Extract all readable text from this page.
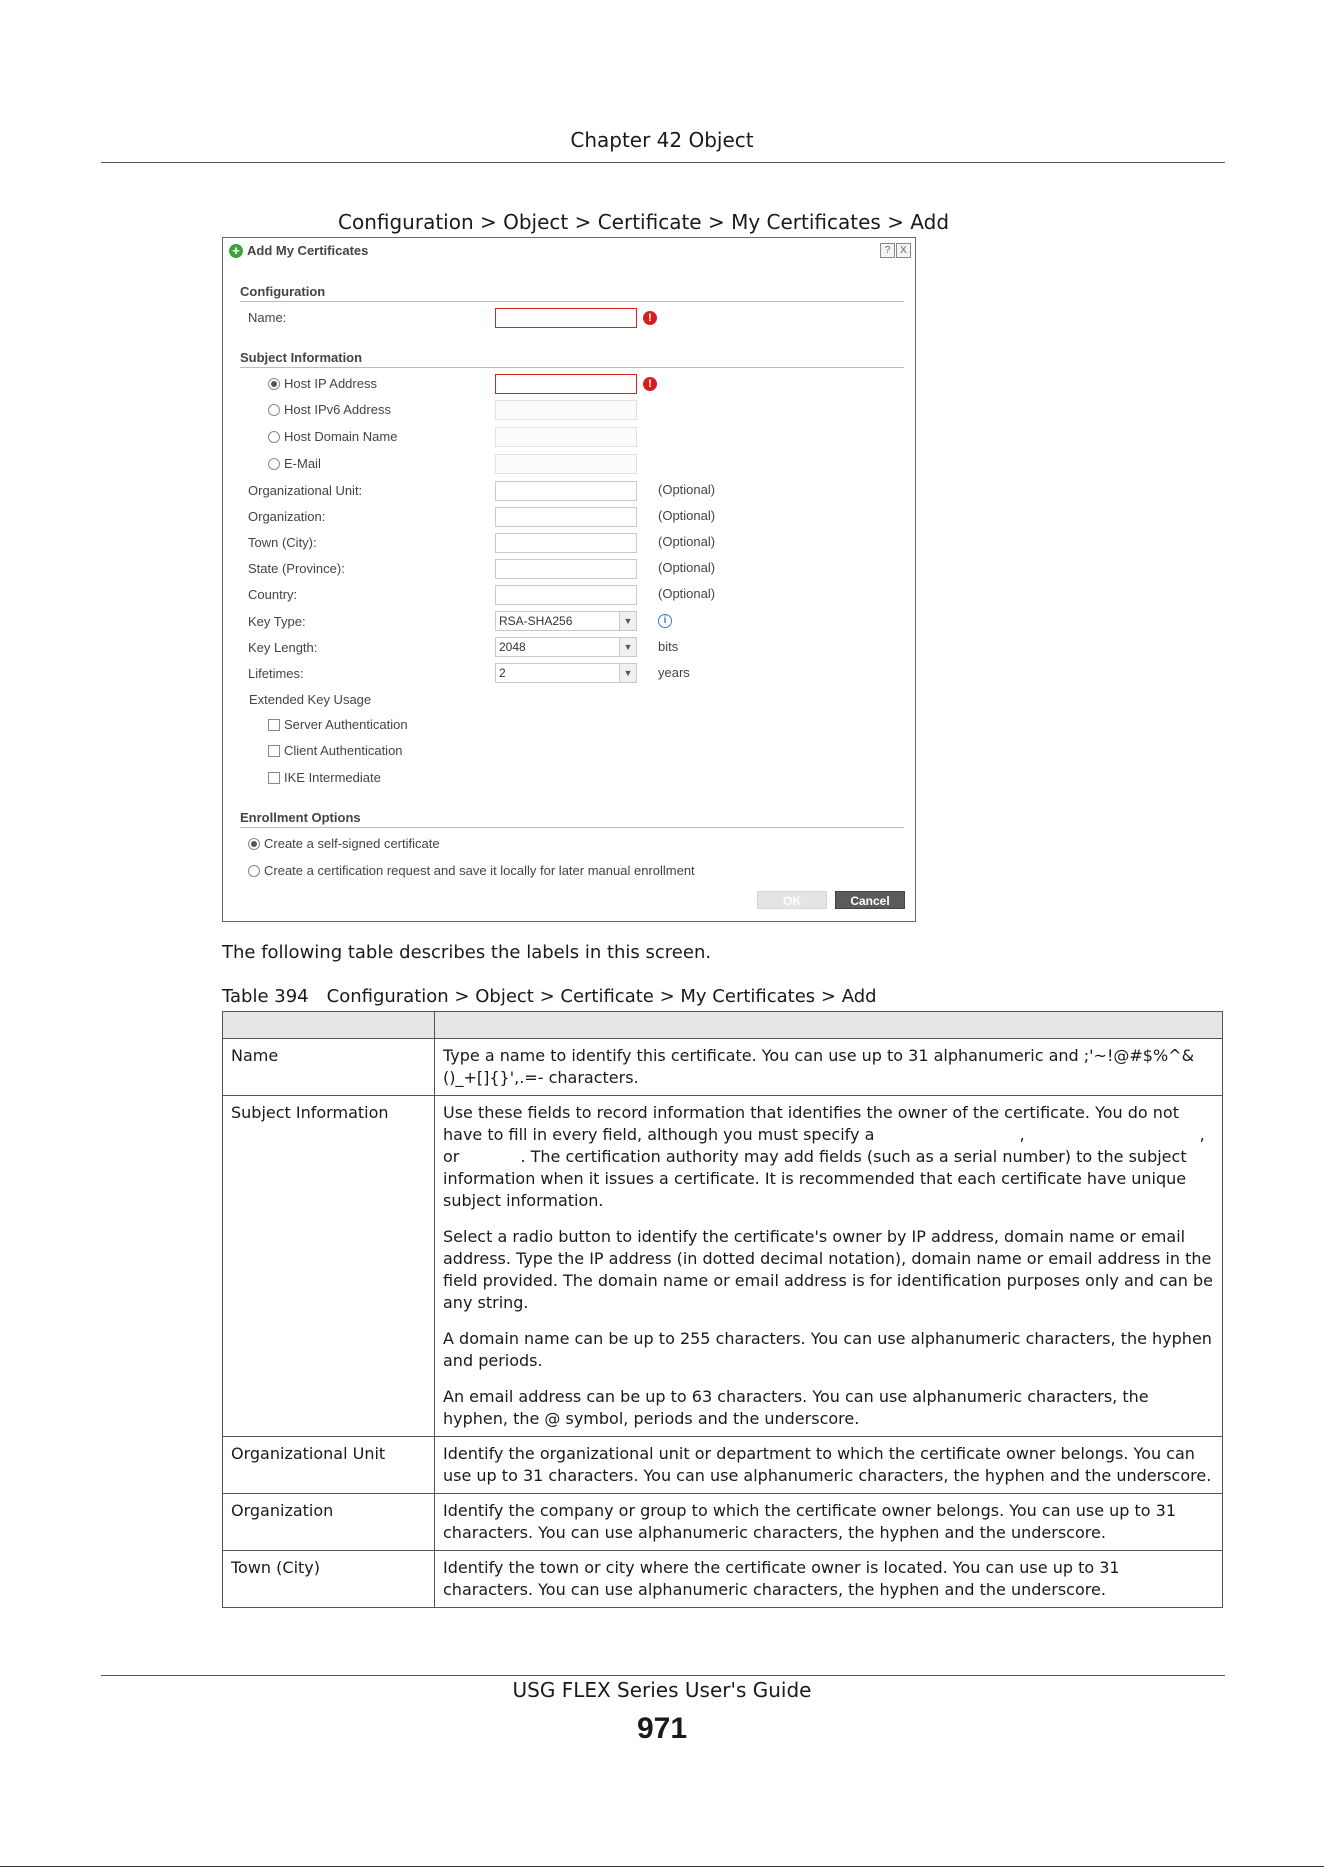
Chapter 42 Object
Configuration > Object > Certificate > My Certificates > Add
+ Add My Certificates	? X
Configuration
Name:	!
Subject Information
Host IP Address	!
Host IPv6 Address
Host Domain Name
E-Mail
Organizational Unit:	(Optional)
Organization:	(Optional)
Town (City):	(Optional)
State (Province):	(Optional)
Country:	(Optional)
Key Type:	RSA-SHA256	▼	i
Key Length:	2048	▼ bits
Lifetimes:	2	▼ years
Extended Key Usage
Server Authentication
Client Authentication
IKE Intermediate
Enrollment Options
Create a self-signed certificate
Create a certification request and save it locally for later manual enrollment
OK	Cancel
The following table describes the labels in this screen.
Table 394 Configuration > Object > Certificate > My Certificates > Add

Name	Type a name to identify this certificate. You can use up to 31 alphanumeric and ;'~!@#$%^&()_+[]{}',.=- characters.

Subject Information	Use these fields to record information that identifies the owner of the certificate. You do not have to fill in every field, although you must specify a , , or . The certification authority may add fields (such as a serial number) to the subject information when it issues a certificate. It is recommended that each certificate have unique subject information.

Select a radio button to identify the certificate's owner by IP address, domain name or email address. Type the IP address (in dotted decimal notation), domain name or email address in the field provided. The domain name or email address is for identification purposes only and can be any string.

A domain name can be up to 255 characters. You can use alphanumeric characters, the hyphen and periods.

An email address can be up to 63 characters. You can use alphanumeric characters, the hyphen, the @ symbol, periods and the underscore.

Organizational Unit	Identify the organizational unit or department to which the certificate owner belongs. You can use up to 31 characters. You can use alphanumeric characters, the hyphen and the underscore.

Organization	Identify the company or group to which the certificate owner belongs. You can use up to 31 characters. You can use alphanumeric characters, the hyphen and the underscore.

Town (City)	Identify the town or city where the certificate owner is located. You can use up to 31 characters. You can use alphanumeric characters, the hyphen and the underscore.

USG FLEX Series User's Guide
971
